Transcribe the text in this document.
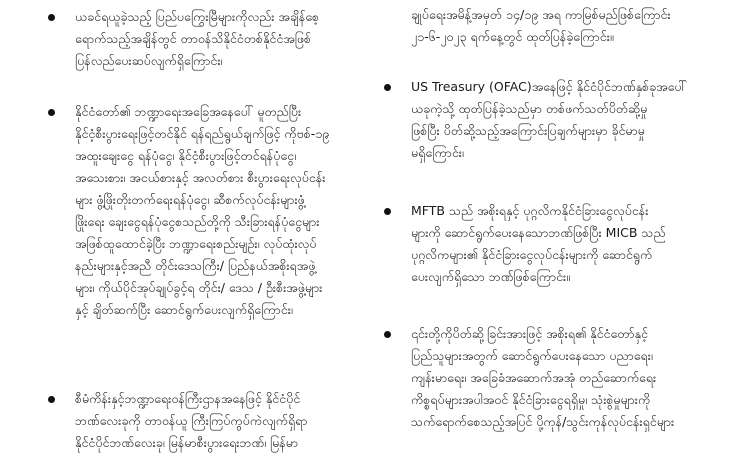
ယခင်ရယူခဲ့သည့် ပြည်ပကြွေးမြီများကိုလည်း အချိန်စေ့
ရောက်သည့်အချိန်တွင် တာဝန်သိနိုင်ငံတစ်နိုင်ငံအဖြစ်
ပြန်လည်ပေးဆပ်လျက်ရှိကြောင်း၊
နိုင်ငံတော်၏ ဘဏ္ဍာရေးအခြေအနေပေါ် မူတည်ပြီး
နိုင်ငံ့စီးပွားရေးဖြင့်တင်နိုင် ရန်ရည်ရွယ်ချက်ဖြင့် ကိုဗစ်-၁၉
အထူးချေးငွေ ရန်ပုံငွေ၊ နိုင်ငံ့စီးပွားဖြင့်တင်ရန်ပုံငွေ၊
အသေးစား၊ အငယ်စားနှင့် အလတ်စား စီးပွားရေးလုပ်ငန်း
များ ဖွံ့ဖြိုးတိုးတက်ရေးရန်ပုံငွေ၊ ဆီစက်လုပ်ငန်းများဖွံ့
ဖြိုးရေး ချေးငွေရန်ပုံငွေစသည်တို့ကို သီးခြားရန်ပုံငွေများ
အဖြစ်ထူထောင်ခဲ့ပြီး ဘဏ္ဍာရေးစည်းမျဉ်း၊ လုပ်ထုံးလုပ်
နည်းများနှင့်အညီ တိုင်းဒေသကြီး/ ပြည်နယ်အစိုးရအဖွဲ့
များ၊ ကိုယ်ပိုင်အုပ်ချုပ်ခွင့်ရ တိုင်း/ ဒေသ / ဦးစီးအဖွဲ့များ
နှင့် ချိတ်ဆက်ပြီး ဆောင်ရွက်ပေးလျက်ရှိကြောင်း၊
စီမံကိန်းနှင့်ဘဏ္ဍာရေးဝန်ကြီးဌာနအနေဖြင့် နိုင်ငံပိုင်
ဘဏ်လေးခုကို တာဝန်ယူ ကြီးကြပ်ကွပ်ကဲလျက်ရှိရာ
နိုင်ငံပိုင်ဘဏ်လေးခု၊ မြန်မာစီးပွားရေးဘဏ်၊ မြန်မာ
ချုပ်ရေးအမိန့်အမှတ် ၁၄/၁၉ အရ ကာမြစ်မည်ဖြစ်ကြောင်း
၂၁-၆-၂၀၂၃ ရက်နေ့တွင် ထုတ်ပြန်ခဲ့ကြောင်း။
US Treasury (OFAC)အနေဖြင့် နိုင်ငံပိုင်ဘဏ်နှစ်ခုအပေါ်
ယခုကဲ့သို့ ထုတ်ပြန်ခဲ့သည်မှာ တစ်ဖက်သတ်ပိတ်ဆို့မှု
ဖြစ်ပြီး ပိတ်ဆို့သည့်အကြောင်းပြချက်များမှာ ခိုင်မာမှု
မရှိကြောင်း၊
MFTB သည် အစိုးရနှင့် ပုဂ္ဂလိကနိုင်ငံခြားငွေလုပ်ငန်း
များကို ဆောင်ရွက်ပေးနေသောဘဏ်ဖြစ်ပြီး MICB သည်
ပုဂ္ဂလိကများ၏ နိုင်ငံခြားငွေလုပ်ငန်းများကို ဆောင်ရွက်
ပေးလျက်ရှိသော ဘဏ်ဖြစ်ကြောင်း။
၎င်းတို့ကိုပိတ်ဆို့ခြင်းအားဖြင့် အစိုးရ၏ နိုင်ငံတော်နှင့်
ပြည်သူများအတွက် ဆောင်ရွက်ပေးနေသော ပညာရေး၊
ကျန်းမာရေး၊ အခြေခံအဆောက်အအုံ တည်ဆောက်ရေး
ကိစ္စရပ်များအပါအဝင် နိုင်ငံခြားငွေရရှိမှု၊ သုံးစွဲမှုများကို
သက်ရောက်စေသည့်အပြင် ပို့ကုန်/သွင်းကုန်လုပ်ငန်းရှင်များ
